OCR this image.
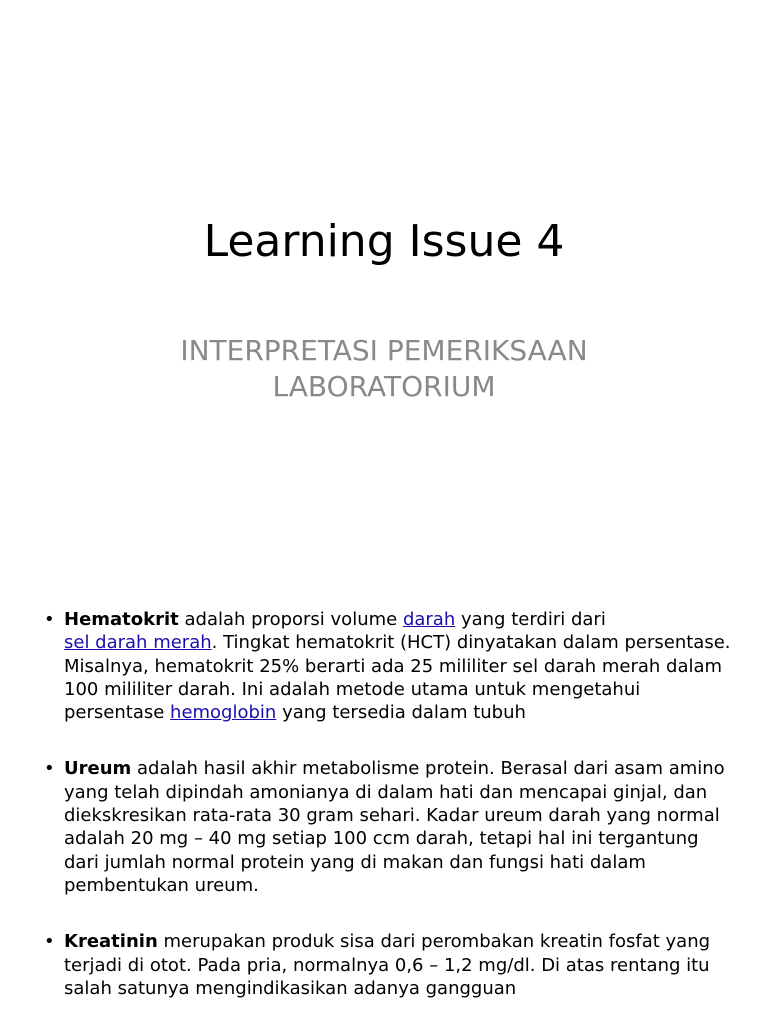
Learning Issue 4
INTERPRETASI PEMERIKSAAN LABORATORIUM
• Hematokrit adalah proporsi volume darah yang terdiri dari
sel darah merah. Tingkat hematokrit (HCT) dinyatakan dalam persentase. Misalnya, hematokrit 25% berarti ada 25 mililiter sel darah merah dalam 100 mililiter darah. Ini adalah metode utama untuk mengetahui persentase hemoglobin yang tersedia dalam tubuh
• Ureum adalah hasil akhir metabolisme protein. Berasal dari asam amino yang telah dipindah amonianya di dalam hati dan mencapai ginjal, dan diekskresikan rata-rata 30 gram sehari. Kadar ureum darah yang normal adalah 20 mg – 40 mg setiap 100 ccm darah, tetapi hal ini tergantung dari jumlah normal protein yang di makan dan fungsi hati dalam pembentukan ureum.
• Kreatinin merupakan produk sisa dari perombakan kreatin fosfat yang terjadi di otot. Pada pria, normalnya 0,6 – 1,2 mg/dl. Di atas rentang itu salah satunya mengindikasikan adanya gangguan
